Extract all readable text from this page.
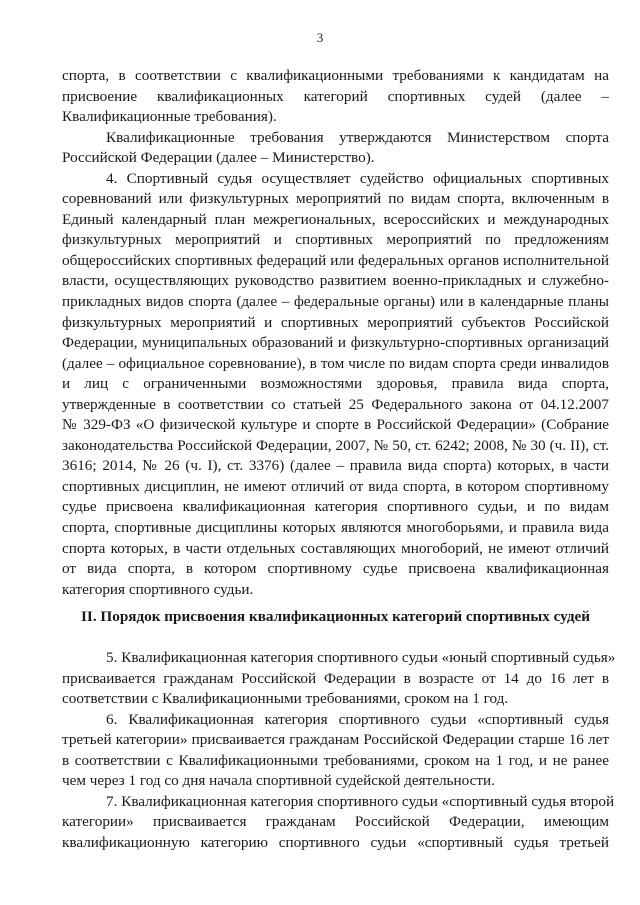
3
спорта, в соответствии с квалификационными требованиями к кандидатам на
присвоение квалификационных категорий спортивных судей (далее –
Квалификационные требования).
Квалификационные требования утверждаются Министерством спорта
Российской Федерации (далее – Министерство).
4. Спортивный судья осуществляет судейство официальных спортивных
соревнований или физкультурных мероприятий по видам спорта, включенным в
Единый календарный план межрегиональных, всероссийских и международных
физкультурных мероприятий и спортивных мероприятий по предложениям
общероссийских спортивных федераций или федеральных органов исполнительной
власти, осуществляющих руководство развитием военно-прикладных и служебно-
прикладных видов спорта (далее – федеральные органы) или в календарные планы
физкультурных мероприятий и спортивных мероприятий субъектов Российской
Федерации, муниципальных образований и физкультурно-спортивных организаций
(далее – официальное соревнование), в том числе по видам спорта среди инвалидов
и лиц с ограниченными возможностями здоровья, правила вида спорта,
утвержденные в соответствии со статьей 25 Федерального закона от 04.12.2007
№ 329-ФЗ «О физической культуре и спорте в Российской Федерации» (Собрание
законодательства Российской Федерации, 2007, № 50, ст. 6242; 2008, № 30 (ч. II), ст.
3616; 2014, № 26 (ч. I), ст. 3376) (далее – правила вида спорта) которых, в части
спортивных дисциплин, не имеют отличий от вида спорта, в котором спортивному
судье присвоена квалификационная категория спортивного судьи, и по видам
спорта, спортивные дисциплины которых являются многоборьями, и правила вида
спорта которых, в части отдельных составляющих многоборий, не имеют отличий
от вида спорта, в котором спортивному судье присвоена квалификационная
категория спортивного судьи.
II. Порядок присвоения квалификационных категорий спортивных судей
5. Квалификационная категория спортивного судьи «юный спортивный судья»
присваивается гражданам Российской Федерации в возрасте от 14 до 16 лет в
соответствии с Квалификационными требованиями, сроком на 1 год.
6. Квалификационная категория спортивного судьи «спортивный судья
третьей категории» присваивается гражданам Российской Федерации старше 16 лет
в соответствии с Квалификационными требованиями, сроком на 1 год, и не ранее
чем через 1 год со дня начала спортивной судейской деятельности.
7. Квалификационная категория спортивного судьи «спортивный судья второй
категории» присваивается гражданам Российской Федерации, имеющим
квалификационную категорию спортивного судьи «спортивный судья третьей
